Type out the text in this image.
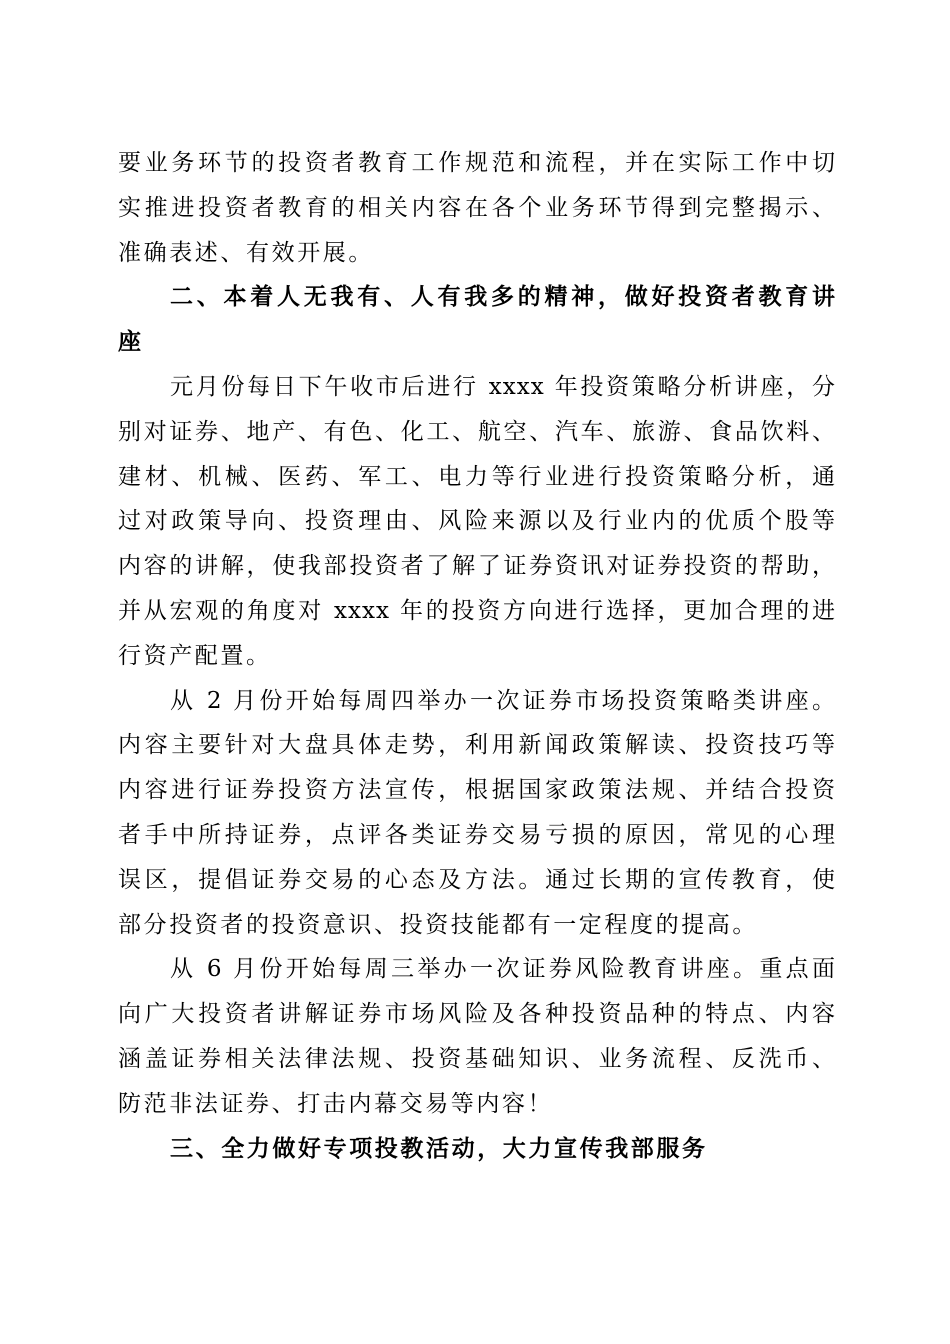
要业务环节的投资者教育工作规范和流程，并在实际工作中切
实推进投资者教育的相关内容在各个业务环节得到完整揭示、
准确表述、有效开展。
二、本着人无我有、人有我多的精神，做好投资者教育讲
座
元月份每日下午收市后进行 xxxx 年投资策略分析讲座，分
别对证券、地产、有色、化工、航空、汽车、旅游、食品饮料、
建材、机械、医药、军工、电力等行业进行投资策略分析，通
过对政策导向、投资理由、风险来源以及行业内的优质个股等
内容的讲解，使我部投资者了解了证券资讯对证券投资的帮助，
并从宏观的角度对 xxxx 年的投资方向进行选择，更加合理的进
行资产配置。
从 2 月份开始每周四举办一次证券市场投资策略类讲座。
内容主要针对大盘具体走势，利用新闻政策解读、投资技巧等
内容进行证券投资方法宣传，根据国家政策法规、并结合投资
者手中所持证券，点评各类证券交易亏损的原因，常见的心理
误区，提倡证券交易的心态及方法。通过长期的宣传教育，使
部分投资者的投资意识、投资技能都有一定程度的提高。
从 6 月份开始每周三举办一次证券风险教育讲座。重点面
向广大投资者讲解证券市场风险及各种投资品种的特点、内容
涵盖证券相关法律法规、投资基础知识、业务流程、反洗币、
防范非法证券、打击内幕交易等内容！
三、全力做好专项投教活动，大力宣传我部服务
